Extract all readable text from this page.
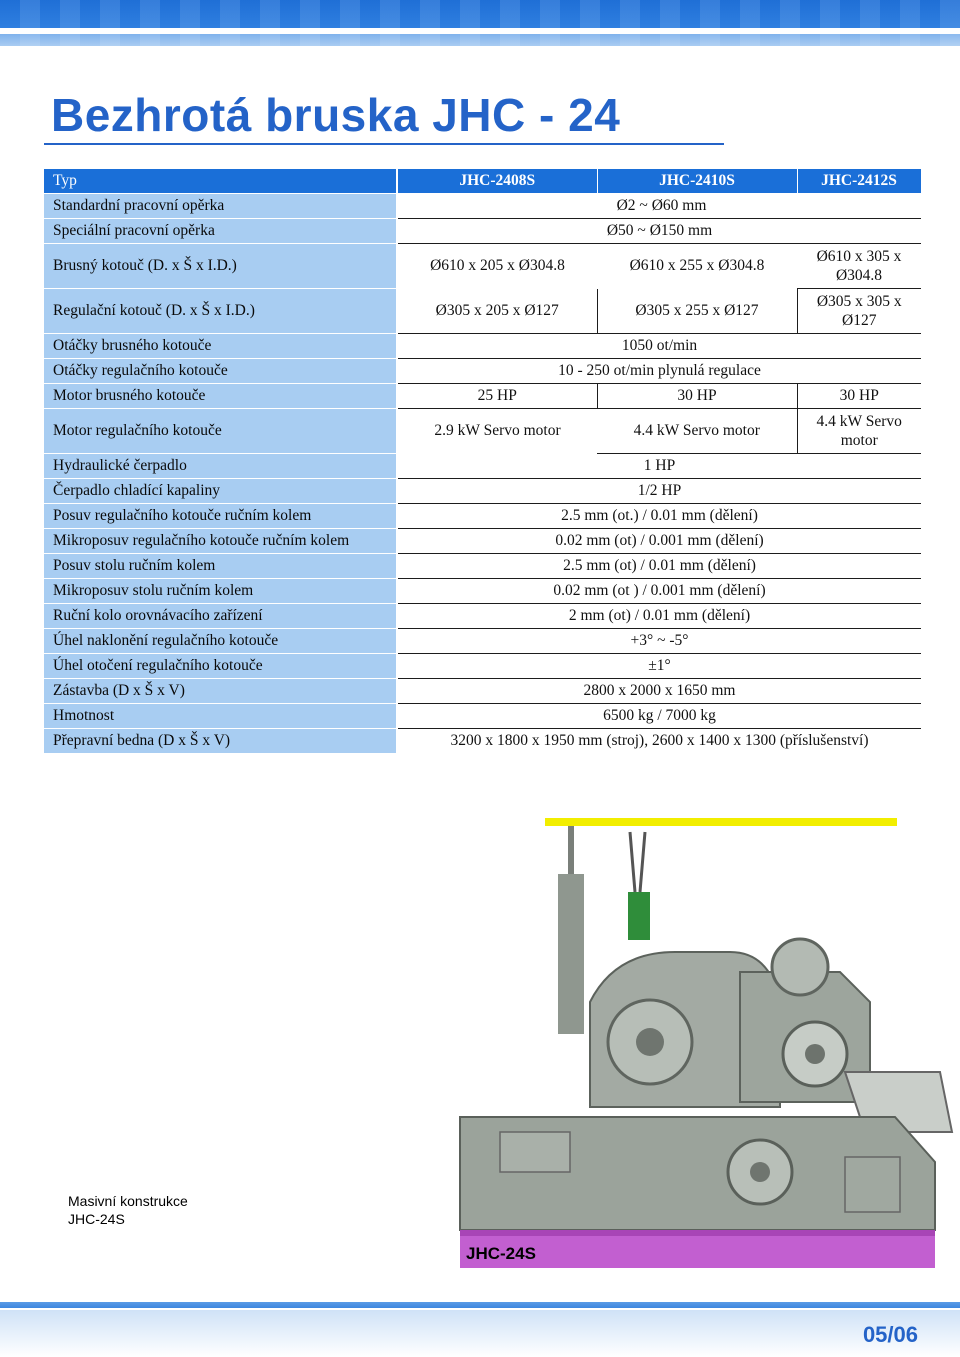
Bezhrotá bruska JHC - 24
Typ	JHC-2408S	JHC-2410S	JHC-2412S
Standardní pracovní opěrka	Ø2 ~ Ø60 mm		
Speciální pracovní opěrka	Ø50 ~ Ø150 mm		
Brusný kotouč (D. x Š x I.D.)	Ø610 x 205 x Ø304.8	Ø610 x 255 x Ø304.8	Ø610 x 305 x Ø304.8
Regulační kotouč (D. x Š x I.D.)	Ø305 x 205 x Ø127	Ø305 x 255 x Ø127	Ø305 x 305 x Ø127
Otáčky brusného kotouče	1050 ot/min		
Otáčky regulačního kotouče	10 - 250 ot/min plynulá regulace		
Motor brusného kotouče	25 HP	30 HP	30 HP
Motor regulačního kotouče	2.9 kW Servo motor	4.4 kW Servo motor	4.4 kW Servo motor
Hydraulické čerpadlo	1 HP		
Čerpadlo chladící kapaliny	1/2 HP		
Posuv regulačního kotouče ručním kolem	2.5 mm (ot.) / 0.01 mm (dělení)		
Mikroposuv regulačního kotouče ručním kolem	0.02 mm (ot) / 0.001 mm (dělení)		
Posuv stolu ručním kolem	2.5 mm (ot) / 0.01 mm (dělení)		
Mikroposuv stolu ručním kolem	0.02 mm (ot ) / 0.001 mm (dělení)		
Ruční kolo orovnávacího zařízení	2 mm (ot) / 0.01 mm (dělení)		
Úhel naklonění regulačního kotouče	+3° ~ -5°		
Úhel otočení regulačního kotouče	±1°		
Zástavba (D x Š x V)	2800 x 2000 x 1650 mm		
Hmotnost	6500 kg / 7000 kg		
Přepravní bedna (D x Š x V)	3200 x 1800 x 1950 mm (stroj), 2600 x 1400 x 1300 (příslušenství)		
Masivní konstrukce
JHC-24S
JHC-24S
05/06
